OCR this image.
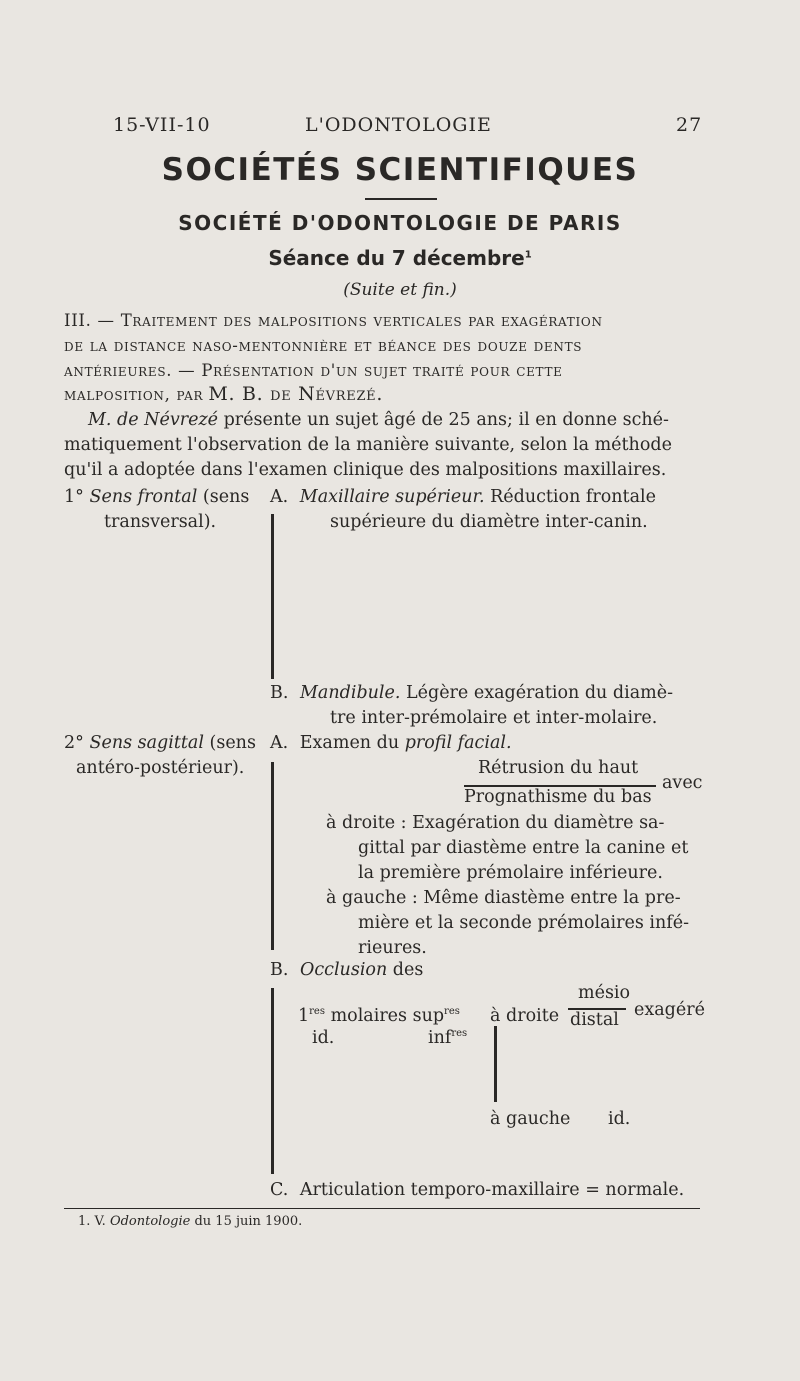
15-VII-10	L'ODONTOLOGIE	27
SOCIÉTÉS SCIENTIFIQUES
SOCIÉTÉ D'ODONTOLOGIE DE PARIS
Séance du 7 décembre$^1$
(Suite et fin.)
III. — Traitement des malpositions verticales par exagération
de la distance naso-mentonnière et béance des douze dents
antérieures. — Présentation d'un sujet traité pour cette
malposition, par M. B. de Névrezé.
M. de Névrezé présente un sujet âgé de 25 ans; il en donne sché-
matiquement l'observation de la manière suivante, selon la méthode
qu'il a adoptée dans l'examen clinique des malpositions maxillaires.
1° Sens frontal (sens
transversal).
A. Maxillaire supérieur. Réduction frontale
supérieure du diamètre inter-canin.
B. Mandibule. Légère exagération du diamè-
tre inter-prémolaire et inter-molaire.
2° Sens sagittal (sens
antéro-postérieur).
A. Examen du profil facial.
Rétrusion du haut
Prognathisme du bas
avec
à droite : Exagération du diamètre sa-
gittal par diastème entre la canine et
la première prémolaire inférieure.
à gauche : Même diastème entre la pre-
mière et la seconde prémolaires infé-
rieures.
B. Occlusion des
1res molaires sup$^{res}$ à droite
mésio
distal exagéré
id.	inf$^{res}$
à gauche id.
C. Articulation temporo-maxillaire = normale.
1. V. Odontologie du 15 juin 1900.
